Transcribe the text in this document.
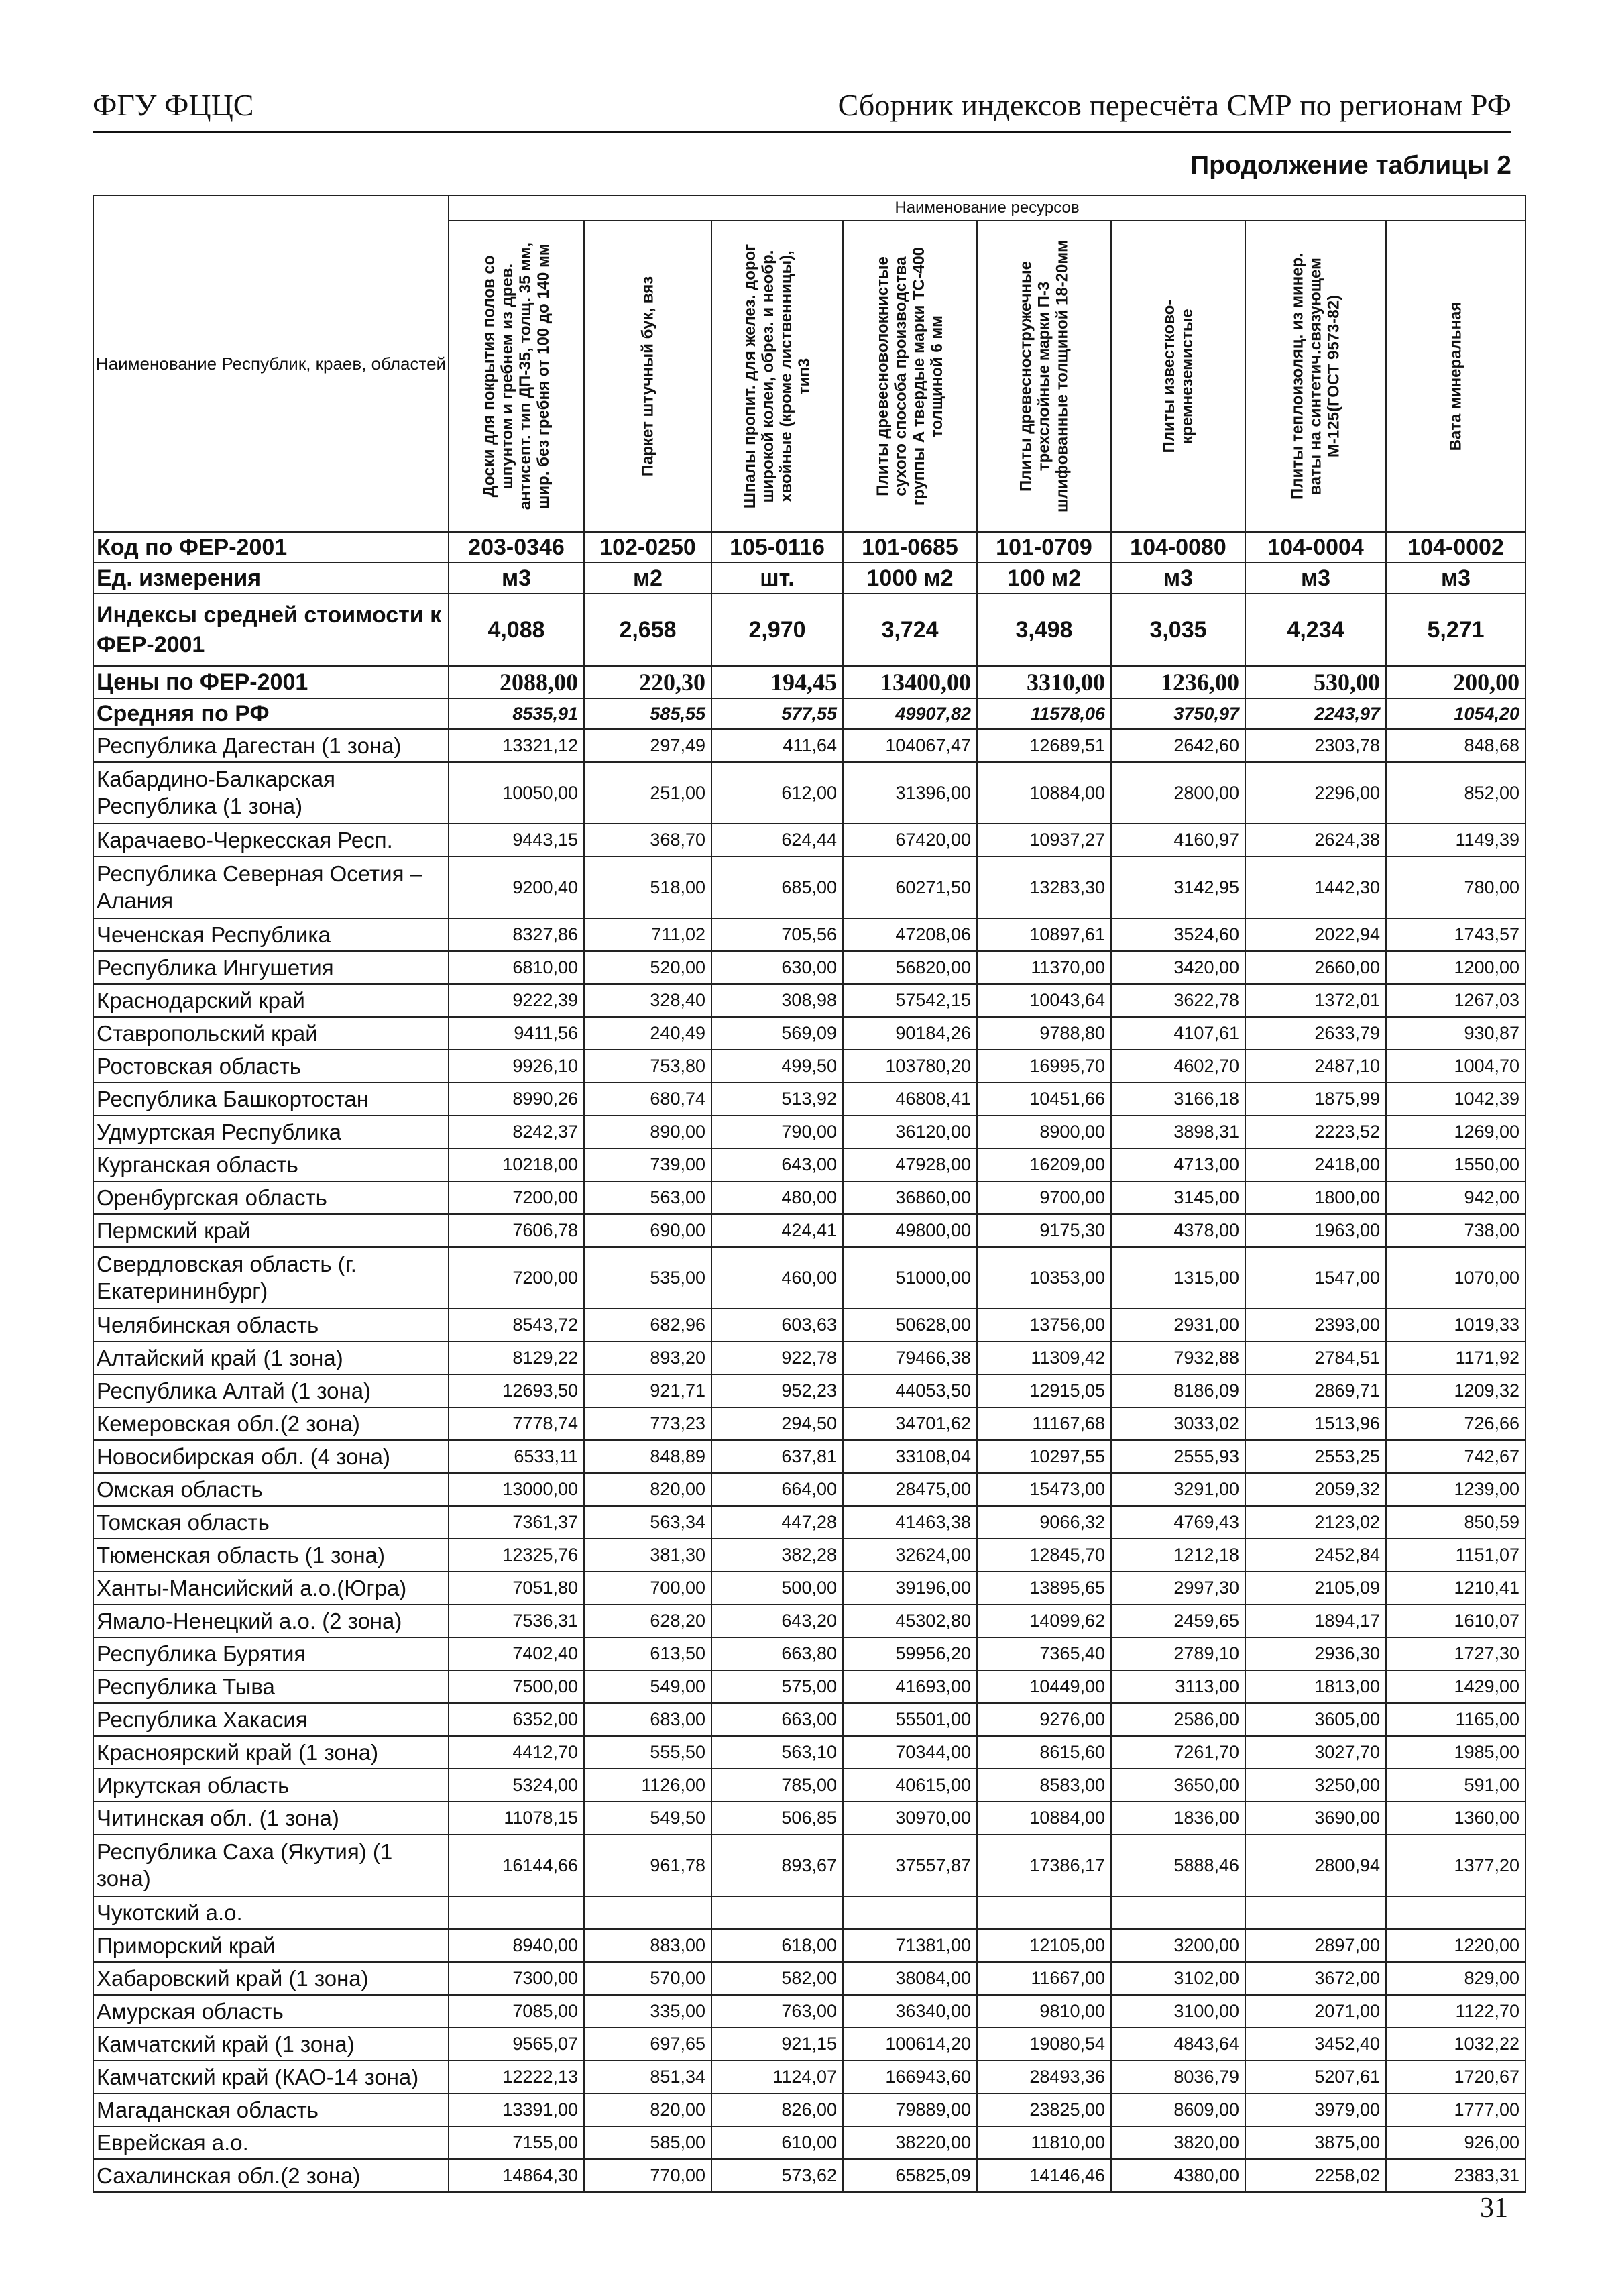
ФГУ ФЦЦС	Сборник индексов пересчёта СМР по регионам РФ
Продолжение таблицы 2
Наименование Республик, краев, областей	Наименование ресурсов							

	Доски для покрытия полов со шпунтом и гребнем из древ. антисепт. тип ДП-35, толщ. 35 мм, шир. без гребня от 100 до 140 мм	Паркет штучный бук, вяз	Шпалы пропит. для желез. дорог широкой колеи, обрез. и необр. хвойные (кроме лиственницы), тип3	Плиты древесноволокнистые сухого способа производства группы А твердые марки ТС-400 толщиной 6 мм	Плиты древесностружечные трехслойные марки П-3 шлифованные толщиной 18-20мм	Плиты известково-кремнеземистые	Плиты теплоизоляц. из минер. ваты на синтетич.связующем М-125(ГОСТ 9573-82)	Вата минеральная

Код по ФЕР-2001	203-0346	102-0250	105-0116	101-0685	101-0709	104-0080	104-0004	104-0002
Ед. измерения	м3	м2	шт.	1000 м2	100 м2	м3	м3	м3
Индексы средней стоимости к ФЕР-2001	4,088	2,658	2,970	3,724	3,498	3,035	4,234	5,271
Цены по ФЕР-2001	2088,00	220,30	194,45	13400,00	3310,00	1236,00	530,00	200,00
Средняя по РФ	8535,91	585,55	577,55	49907,82	11578,06	3750,97	2243,97	1054,20
Республика Дагестан (1 зона)	13321,12	297,49	411,64	104067,47	12689,51	2642,60	2303,78	848,68
Кабардино-Балкарская Республика (1 зона)	10050,00	251,00	612,00	31396,00	10884,00	2800,00	2296,00	852,00
Карачаево-Черкесская Респ.	9443,15	368,70	624,44	67420,00	10937,27	4160,97	2624,38	1149,39
Республика Северная Осетия – Алания	9200,40	518,00	685,00	60271,50	13283,30	3142,95	1442,30	780,00
Чеченская Республика	8327,86	711,02	705,56	47208,06	10897,61	3524,60	2022,94	1743,57
Республика Ингушетия	6810,00	520,00	630,00	56820,00	11370,00	3420,00	2660,00	1200,00
Краснодарский край	9222,39	328,40	308,98	57542,15	10043,64	3622,78	1372,01	1267,03
Ставропольский край	9411,56	240,49	569,09	90184,26	9788,80	4107,61	2633,79	930,87
Ростовская область	9926,10	753,80	499,50	103780,20	16995,70	4602,70	2487,10	1004,70
Республика Башкортостан	8990,26	680,74	513,92	46808,41	10451,66	3166,18	1875,99	1042,39
Удмуртская Республика	8242,37	890,00	790,00	36120,00	8900,00	3898,31	2223,52	1269,00
Курганская область	10218,00	739,00	643,00	47928,00	16209,00	4713,00	2418,00	1550,00
Оренбургская область	7200,00	563,00	480,00	36860,00	9700,00	3145,00	1800,00	942,00
Пермский край	7606,78	690,00	424,41	49800,00	9175,30	4378,00	1963,00	738,00
Свердловская область (г. Екатерининбург)	7200,00	535,00	460,00	51000,00	10353,00	1315,00	1547,00	1070,00
Челябинская область	8543,72	682,96	603,63	50628,00	13756,00	2931,00	2393,00	1019,33
Алтайский край (1 зона)	8129,22	893,20	922,78	79466,38	11309,42	7932,88	2784,51	1171,92
Республика Алтай (1 зона)	12693,50	921,71	952,23	44053,50	12915,05	8186,09	2869,71	1209,32
Кемеровская обл.(2 зона)	7778,74	773,23	294,50	34701,62	11167,68	3033,02	1513,96	726,66
Новосибирская обл. (4 зона)	6533,11	848,89	637,81	33108,04	10297,55	2555,93	2553,25	742,67
Омская область	13000,00	820,00	664,00	28475,00	15473,00	3291,00	2059,32	1239,00
Томская область	7361,37	563,34	447,28	41463,38	9066,32	4769,43	2123,02	850,59
Тюменская область (1 зона)	12325,76	381,30	382,28	32624,00	12845,70	1212,18	2452,84	1151,07
Ханты-Мансийский а.о.(Югра)	7051,80	700,00	500,00	39196,00	13895,65	2997,30	2105,09	1210,41
Ямало-Ненецкий а.о. (2 зона)	7536,31	628,20	643,20	45302,80	14099,62	2459,65	1894,17	1610,07
Республика Бурятия	7402,40	613,50	663,80	59956,20	7365,40	2789,10	2936,30	1727,30
Республика Тыва	7500,00	549,00	575,00	41693,00	10449,00	3113,00	1813,00	1429,00
Республика Хакасия	6352,00	683,00	663,00	55501,00	9276,00	2586,00	3605,00	1165,00
Красноярский край (1 зона)	4412,70	555,50	563,10	70344,00	8615,60	7261,70	3027,70	1985,00
Иркутская область	5324,00	1126,00	785,00	40615,00	8583,00	3650,00	3250,00	591,00
Читинская обл. (1 зона)	11078,15	549,50	506,85	30970,00	10884,00	1836,00	3690,00	1360,00
Республика Саха (Якутия) (1 зона)	16144,66	961,78	893,67	37557,87	17386,17	5888,46	2800,94	1377,20
Чукотский а.о.								
Приморский край	8940,00	883,00	618,00	71381,00	12105,00	3200,00	2897,00	1220,00
Хабаровский край (1 зона)	7300,00	570,00	582,00	38084,00	11667,00	3102,00	3672,00	829,00
Амурская область	7085,00	335,00	763,00	36340,00	9810,00	3100,00	2071,00	1122,70
Камчатский край (1 зона)	9565,07	697,65	921,15	100614,20	19080,54	4843,64	3452,40	1032,22
Камчатский край (КАО-14 зона)	12222,13	851,34	1124,07	166943,60	28493,36	8036,79	5207,61	1720,67
Магаданская область	13391,00	820,00	826,00	79889,00	23825,00	8609,00	3979,00	1777,00
Еврейская а.о.	7155,00	585,00	610,00	38220,00	11810,00	3820,00	3875,00	926,00
Сахалинская обл.(2 зона)	14864,30	770,00	573,62	65825,09	14146,46	4380,00	2258,02	2383,31
31
